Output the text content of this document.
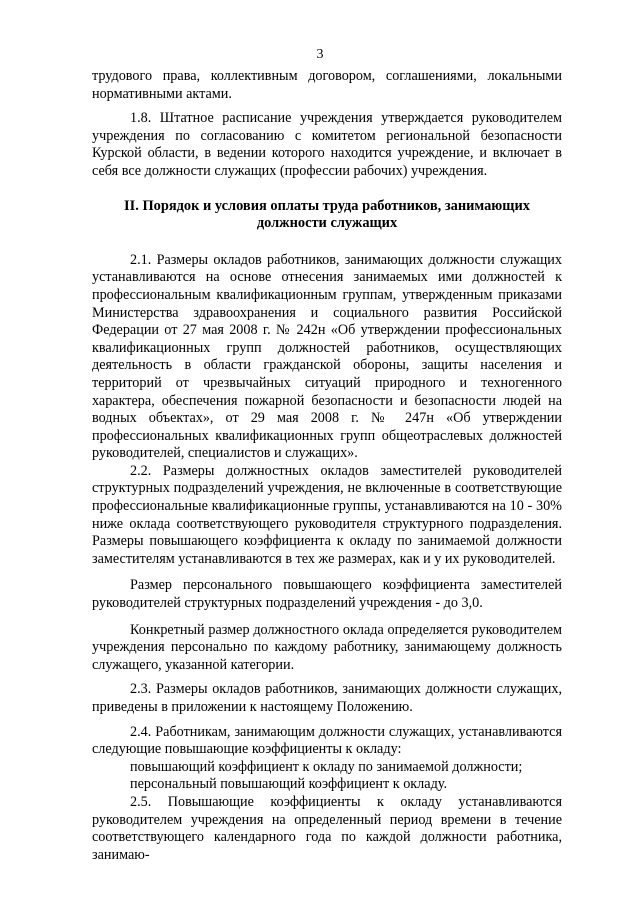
3

трудового права, коллективным договором, соглашениями, локальными нормативными актами.

1.8. Штатное расписание учреждения утверждается руководителем учреждения по согласованию с комитетом региональной безопасности Курской области, в ведении которого находится учреждение, и включает в себя все должности служащих (профессии рабочих) учреждения.

II. Порядок и условия оплаты труда работников, занимающих должности служащих

2.1. Размеры окладов работников, занимающих должности служащих устанавливаются на основе отнесения занимаемых ими должностей к профессиональным квалификационным группам, утвержденным приказами Министерства здравоохранения и социального развития Российской Федерации от 27 мая 2008 г. № 242н «Об утверждении профессиональных квалификационных групп должностей работников, осуществляющих деятельность в области гражданской обороны, защиты населения и территорий от чрезвычайных ситуаций природного и техногенного характера, обеспечения пожарной безопасности и безопасности людей на водных объектах», от 29 мая 2008 г. № 247н «Об утверждении профессиональных квалификационных групп общеотраслевых должностей руководителей, специалистов и служащих».

2.2. Размеры должностных окладов заместителей руководителей структурных подразделений учреждения, не включенные в соответствующие профессиональные квалификационные группы, устанавливаются на 10 - 30% ниже оклада соответствующего руководителя структурного подразделения. Размеры повышающего коэффициента к окладу по занимаемой должности заместителям устанавливаются в тех же размерах, как и у их руководителей.

Размер персонального повышающего коэффициента заместителей руководителей структурных подразделений учреждения - до 3,0.

Конкретный размер должностного оклада определяется руководителем учреждения персонально по каждому работнику, занимающему должность служащего, указанной категории.

2.3. Размеры окладов работников, занимающих должности служащих, приведены в приложении к настоящему Положению.

2.4. Работникам, занимающим должности служащих, устанавливаются следующие повышающие коэффициенты к окладу:

повышающий коэффициент к окладу по занимаемой должности;

персональный повышающий коэффициент к окладу.

2.5. Повышающие коэффициенты к окладу устанавливаются руководителем учреждения на определенный период времени в течение соответствующего календарного года по каждой должности работника, занимаю-
